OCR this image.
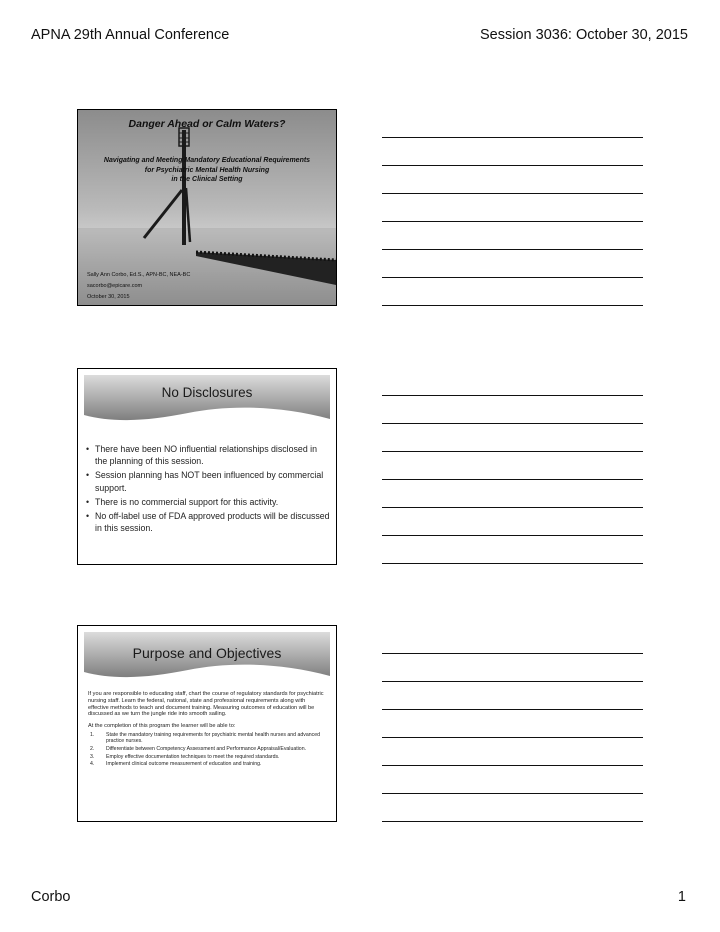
APNA 29th Annual Conference	Session 3036: October 30, 2015
Danger Ahead or Calm Waters?
Navigating and Meeting Mandatory Educational Requirements
for Psychiatric Mental Health Nursing
in the Clinical Setting
Sally Ann Corbo, Ed.S., APN-BC, NEA-BC
sacorbo@epicare.com
October 30, 2015
No Disclosures
• There have been NO influential relationships disclosed in the planning of this session.
• Session planning has NOT been influenced by commercial support.
• There is no commercial support for this activity.
• No off-label use of FDA approved products will be discussed in this session.
Purpose and Objectives

If you are responsible to educating staff, chart the course of regulatory standards for psychiatric nursing staff. Learn the federal, national, state and professional requirements along with effective methods to teach and document training. Measuring outcomes of education will be discussed as we turn the jungle ride into smooth sailing.

At the completion of this program the learner will be able to:

1. State the mandatory training requirements for psychiatric mental health nurses and advanced practice nurses.
2. Differentiate between Competency Assessment and Performance Appraisal/Evaluation.
3. Employ effective documentation techniques to meet the required standards.
4. Implement clinical outcome measurement of education and training.
Corbo	1
